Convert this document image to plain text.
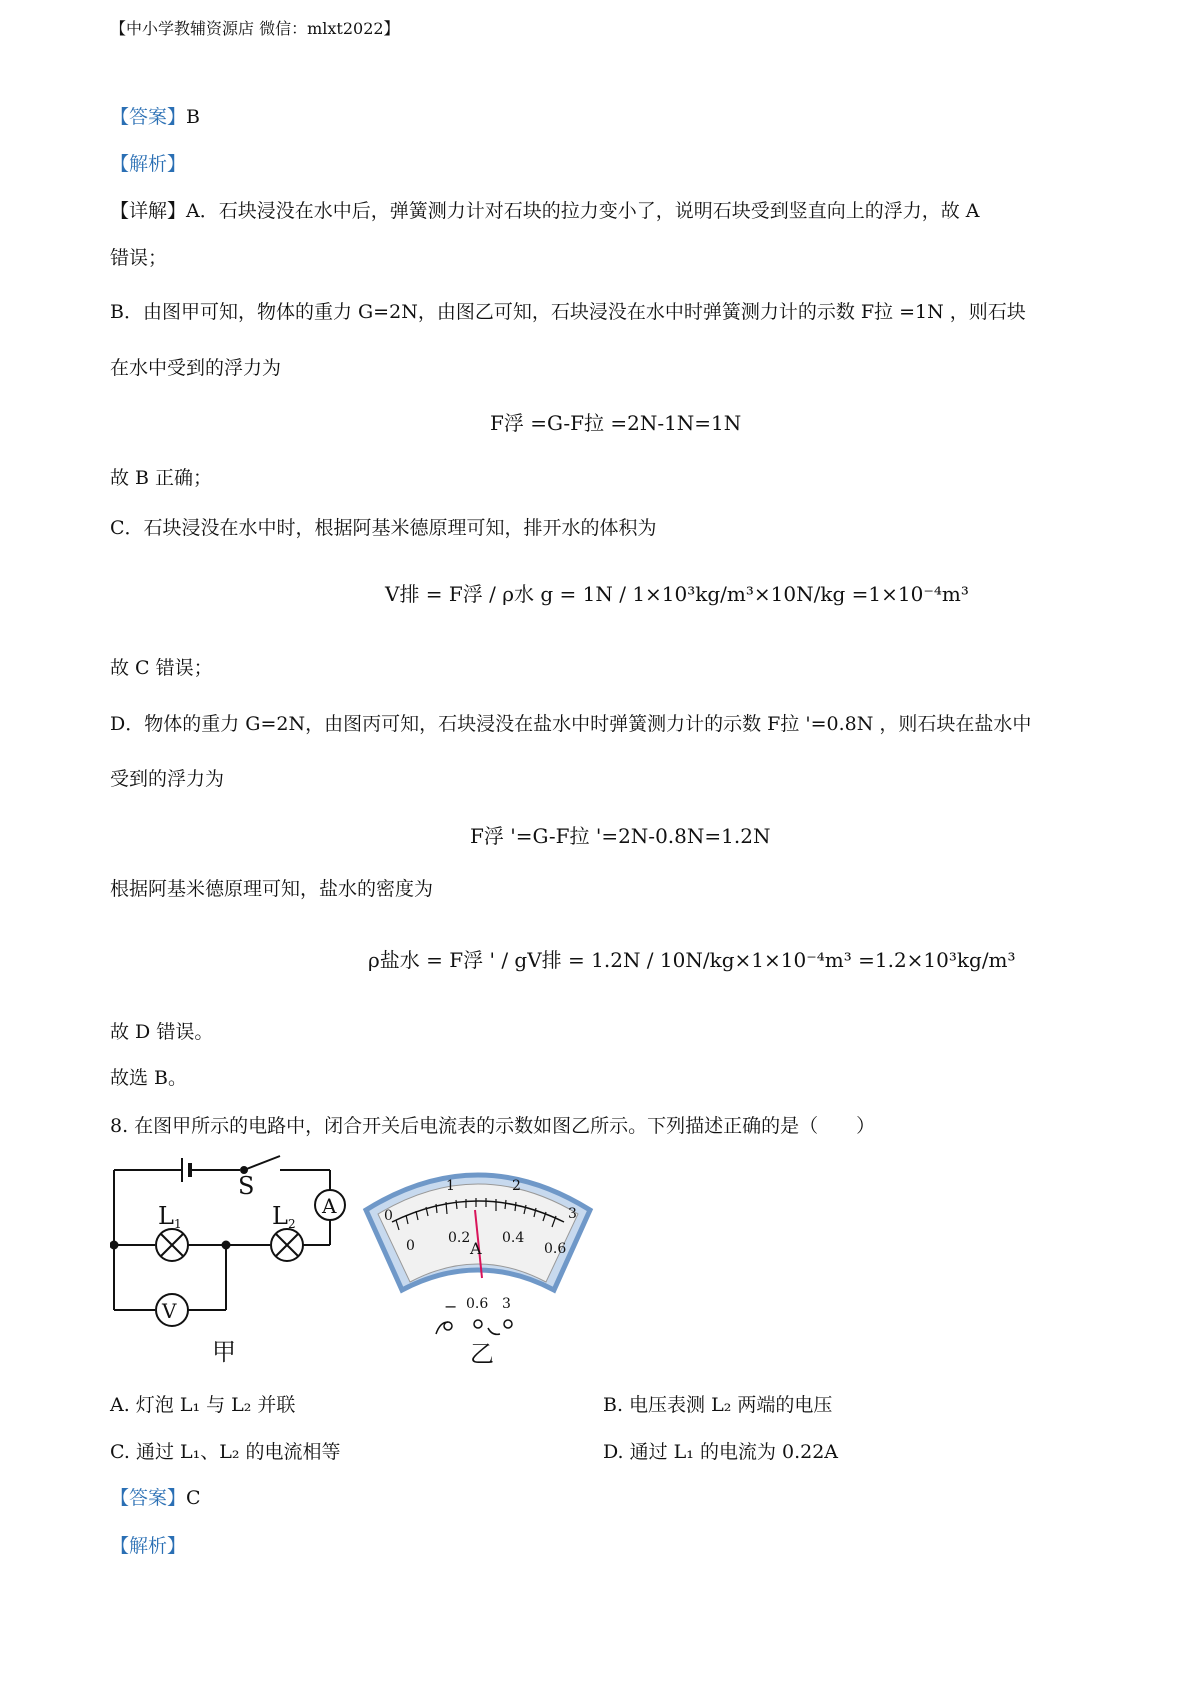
【中小学教辅资源店 微信：mlxt2022】
【答案】B
【解析】
【详解】A．石块浸没在水中后，弹簧测力计对石块的拉力变小了，说明石块受到竖直向上的浮力，故 A
错误；
B．由图甲可知，物体的重力 G=2N，由图乙可知，石块浸没在水中时弹簧测力计的示数 F拉 =1N ，则石块
在水中受到的浮力为
F浮 =G-F拉 =2N-1N=1N
故 B 正确；
C．石块浸没在水中时，根据阿基米德原理可知，排开水的体积为
V排 = F浮 / ρ水 g = 1N / 1×10³kg/m³×10N/kg =1×10⁻⁴m³
故 C 错误；
D．物体的重力 G=2N，由图丙可知，石块浸没在盐水中时弹簧测力计的示数 F拉 '=0.8N ，则石块在盐水中
受到的浮力为
F浮 '=G-F拉 '=2N-0.8N=1.2N
根据阿基米德原理可知，盐水的密度为
ρ盐水 = F浮 ' / gV排 = 1.2N / 10N/kg×1×10⁻⁴m³ =1.2×10³kg/m³
故 D 错误。
故选 B。
8. 在图甲所示的电路中，闭合开关后电流表的示数如图乙所示。下列描述正确的是（　　）
S
A
V
L 1	L 2
甲
0
1	2
3
0 0.2 0.4
0.6
A
− 0.6 3
乙
A. 灯泡 L₁ 与 L₂ 并联	B. 电压表测 L₂ 两端的电压
C. 通过 L₁、L₂ 的电流相等	D. 通过 L₁ 的电流为 0.22A
【答案】C
【解析】
